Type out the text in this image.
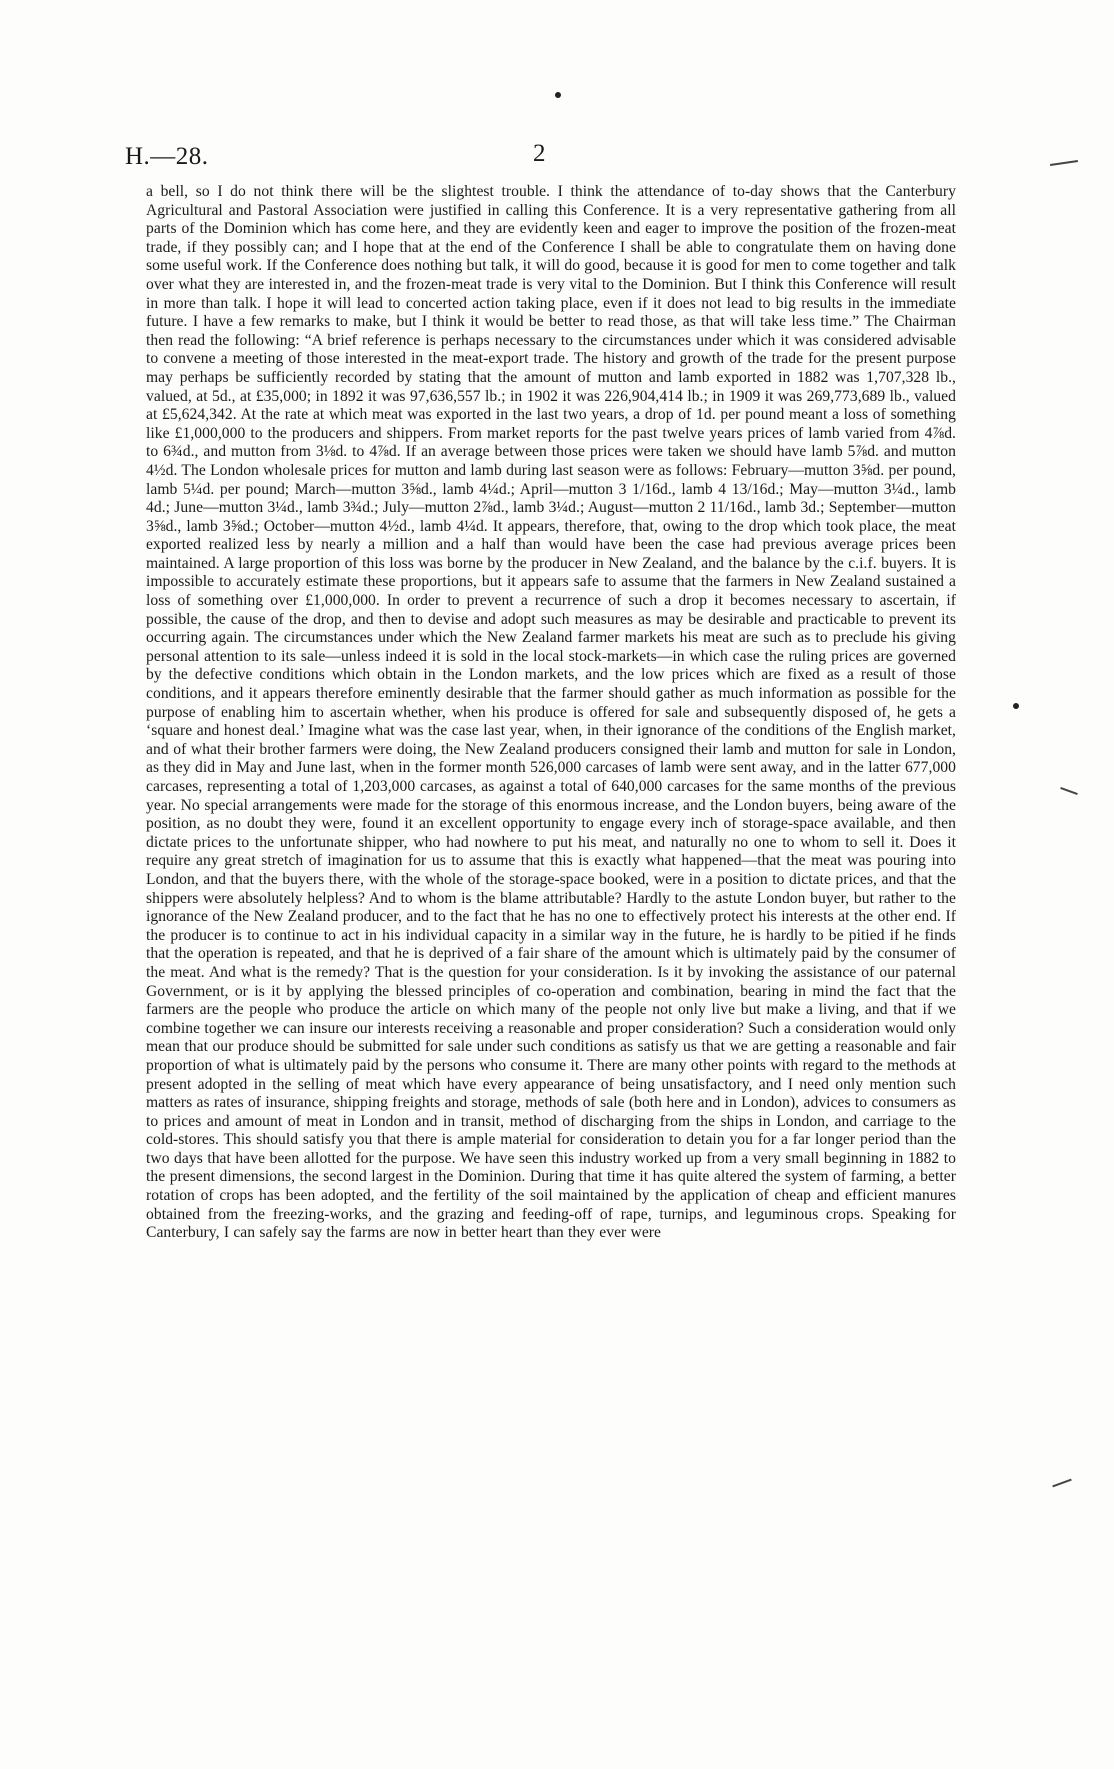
H.—28.	2
a bell, so I do not think there will be the slightest trouble. I think the attendance of to-day shows that the Canterbury Agricultural and Pastoral Association were justified in calling this Conference. It is a very representative gathering from all parts of the Dominion which has come here, and they are evidently keen and eager to improve the position of the frozen-meat trade, if they possibly can; and I hope that at the end of the Conference I shall be able to congratulate them on having done some useful work. If the Conference does nothing but talk, it will do good, because it is good for men to come together and talk over what they are interested in, and the frozen-meat trade is very vital to the Dominion. But I think this Conference will result in more than talk. I hope it will lead to concerted action taking place, even if it does not lead to big results in the immediate future. I have a few remarks to make, but I think it would be better to read those, as that will take less time.” The Chairman then read the following: “A brief reference is perhaps necessary to the circumstances under which it was considered advisable to convene a meeting of those interested in the meat-export trade. The history and growth of the trade for the present purpose may perhaps be sufficiently recorded by stating that the amount of mutton and lamb exported in 1882 was 1,707,328 lb., valued, at 5d., at £35,000; in 1892 it was 97,636,557 lb.; in 1902 it was 226,904,414 lb.; in 1909 it was 269,773,689 lb., valued at £5,624,342. At the rate at which meat was exported in the last two years, a drop of 1d. per pound meant a loss of something like £1,000,000 to the producers and shippers. From market reports for the past twelve years prices of lamb varied from 4⅞d. to 6¾d., and mutton from 3⅛d. to 4⅞d. If an average between those prices were taken we should have lamb 5⅞d. and mutton 4½d. The London wholesale prices for mutton and lamb during last season were as follows: February—mutton 3⅝d. per pound, lamb 5¼d. per pound; March—mutton 3⅝d., lamb 4¼d.; April—mutton 3 1/16d., lamb 4 13/16d.; May—mutton 3¼d., lamb 4d.; June—mutton 3¼d., lamb 3¾d.; July—mutton 2⅞d., lamb 3¼d.; August—mutton 2 11/16d., lamb 3d.; September—mutton 3⅝d., lamb 3⅝d.; October—mutton 4½d., lamb 4¼d. It appears, therefore, that, owing to the drop which took place, the meat exported realized less by nearly a million and a half than would have been the case had previous average prices been maintained. A large proportion of this loss was borne by the producer in New Zealand, and the balance by the c.i.f. buyers. It is impossible to accurately estimate these proportions, but it appears safe to assume that the farmers in New Zealand sustained a loss of something over £1,000,000. In order to prevent a recurrence of such a drop it becomes necessary to ascertain, if possible, the cause of the drop, and then to devise and adopt such measures as may be desirable and practicable to prevent its occurring again. The circumstances under which the New Zealand farmer markets his meat are such as to preclude his giving personal attention to its sale—unless indeed it is sold in the local stock-markets—in which case the ruling prices are governed by the defective conditions which obtain in the London markets, and the low prices which are fixed as a result of those conditions, and it appears therefore eminently desirable that the farmer should gather as much information as possible for the purpose of enabling him to ascertain whether, when his produce is offered for sale and subsequently disposed of, he gets a ‘square and honest deal.’ Imagine what was the case last year, when, in their ignorance of the conditions of the English market, and of what their brother farmers were doing, the New Zealand producers consigned their lamb and mutton for sale in London, as they did in May and June last, when in the former month 526,000 carcases of lamb were sent away, and in the latter 677,000 carcases, representing a total of 1,203,000 carcases, as against a total of 640,000 carcases for the same months of the previous year. No special arrangements were made for the storage of this enormous increase, and the London buyers, being aware of the position, as no doubt they were, found it an excellent opportunity to engage every inch of storage-space available, and then dictate prices to the unfortunate shipper, who had nowhere to put his meat, and naturally no one to whom to sell it. Does it require any great stretch of imagination for us to assume that this is exactly what happened—that the meat was pouring into London, and that the buyers there, with the whole of the storage-space booked, were in a position to dictate prices, and that the shippers were absolutely helpless? And to whom is the blame attributable? Hardly to the astute London buyer, but rather to the ignorance of the New Zealand producer, and to the fact that he has no one to effectively protect his interests at the other end. If the producer is to continue to act in his individual capacity in a similar way in the future, he is hardly to be pitied if he finds that the operation is repeated, and that he is deprived of a fair share of the amount which is ultimately paid by the consumer of the meat. And what is the remedy? That is the question for your consideration. Is it by invoking the assistance of our paternal Government, or is it by applying the blessed principles of co-operation and combination, bearing in mind the fact that the farmers are the people who produce the article on which many of the people not only live but make a living, and that if we combine together we can insure our interests receiving a reasonable and proper consideration? Such a consideration would only mean that our produce should be submitted for sale under such conditions as satisfy us that we are getting a reasonable and fair proportion of what is ultimately paid by the persons who consume it. There are many other points with regard to the methods at present adopted in the selling of meat which have every appearance of being unsatisfactory, and I need only mention such matters as rates of insurance, shipping freights and storage, methods of sale (both here and in London), advices to consumers as to prices and amount of meat in London and in transit, method of discharging from the ships in London, and carriage to the cold-stores. This should satisfy you that there is ample material for consideration to detain you for a far longer period than the two days that have been allotted for the purpose. We have seen this industry worked up from a very small beginning in 1882 to the present dimensions, the second largest in the Dominion. During that time it has quite altered the system of farming, a better rotation of crops has been adopted, and the fertility of the soil maintained by the application of cheap and efficient manures obtained from the freezing-works, and the grazing and feeding-off of rape, turnips, and leguminous crops. Speaking for Canterbury, I can safely say the farms are now in better heart than they ever were
